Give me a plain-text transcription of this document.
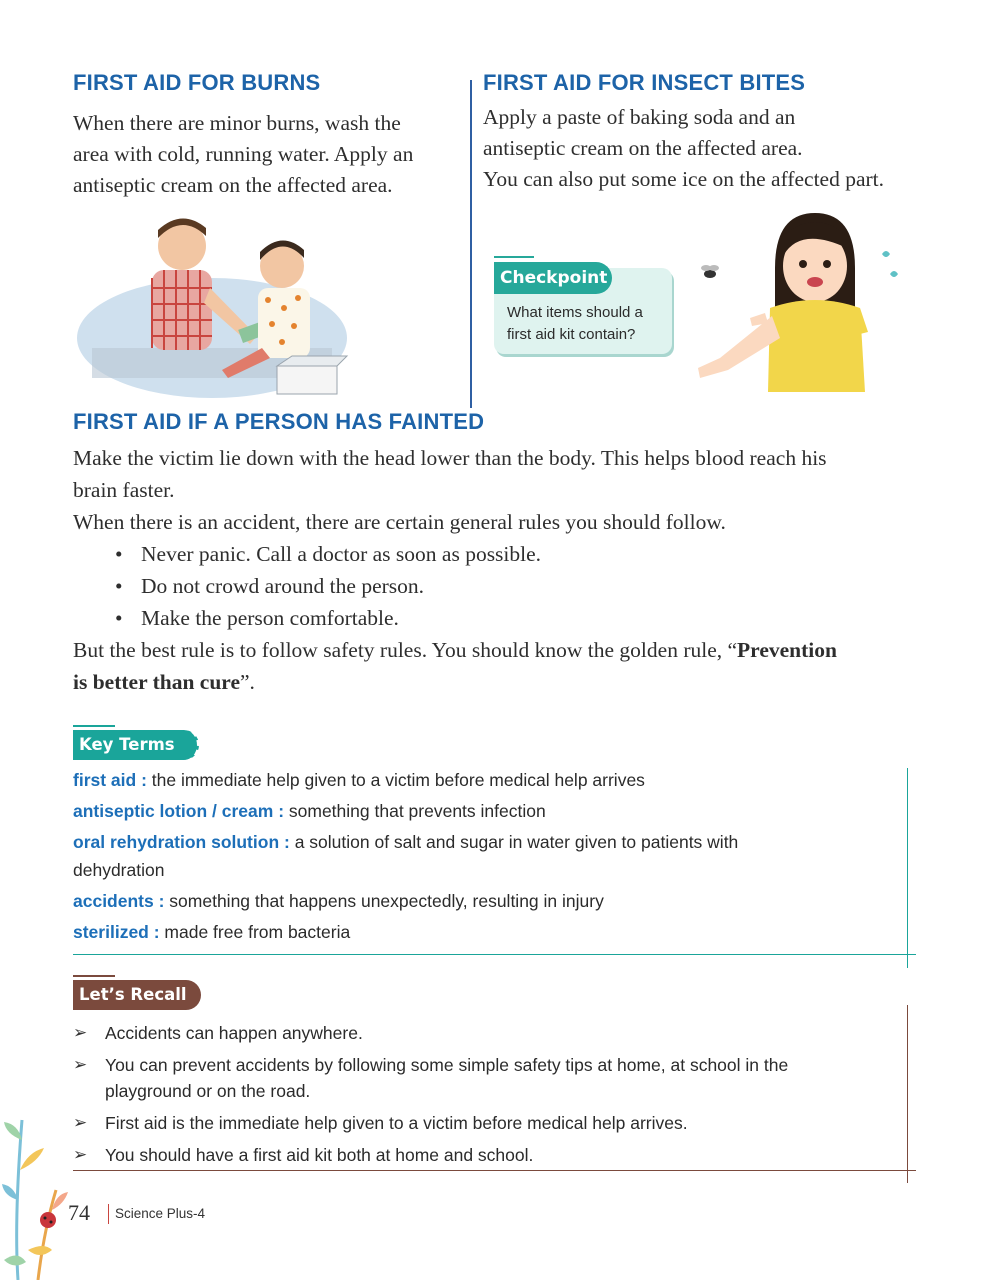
FIRST AID FOR BURNS
When there are minor burns, wash the
area with cold, running water. Apply an
antiseptic cream on the affected area.
FIRST AID FOR INSECT BITES
Apply a paste of baking soda and an
antiseptic cream on the affected area.
You can also put some ice on the affected part.
Checkpoint
What items should a
first aid kit contain?
FIRST AID IF A PERSON HAS FAINTED
Make the victim lie down with the head lower than the body. This helps blood reach his
brain faster.
When there is an accident, there are certain general rules you should follow.
• Never panic. Call a doctor as soon as possible.
• Do not crowd around the person.
• Make the person comfortable.
But the best rule is to follow safety rules. You should know the golden rule, “Prevention
is better than cure”.
Key Terms
first aid : the immediate help given to a victim before medical help arrives
antiseptic lotion / cream : something that prevents infection
oral rehydration solution : a solution of salt and sugar in water given to patients with
dehydration
accidents : something that happens unexpectedly, resulting in injury
sterilized : made free from bacteria
Let’s Recall
➢ Accidents can happen anywhere.
➢ You can prevent accidents by following some simple safety tips at home, at school in the
playground or on the road.
➢ First aid is the immediate help given to a victim before medical help arrives.
➢ You should have a first aid kit both at home and school.
74 Science Plus-4
